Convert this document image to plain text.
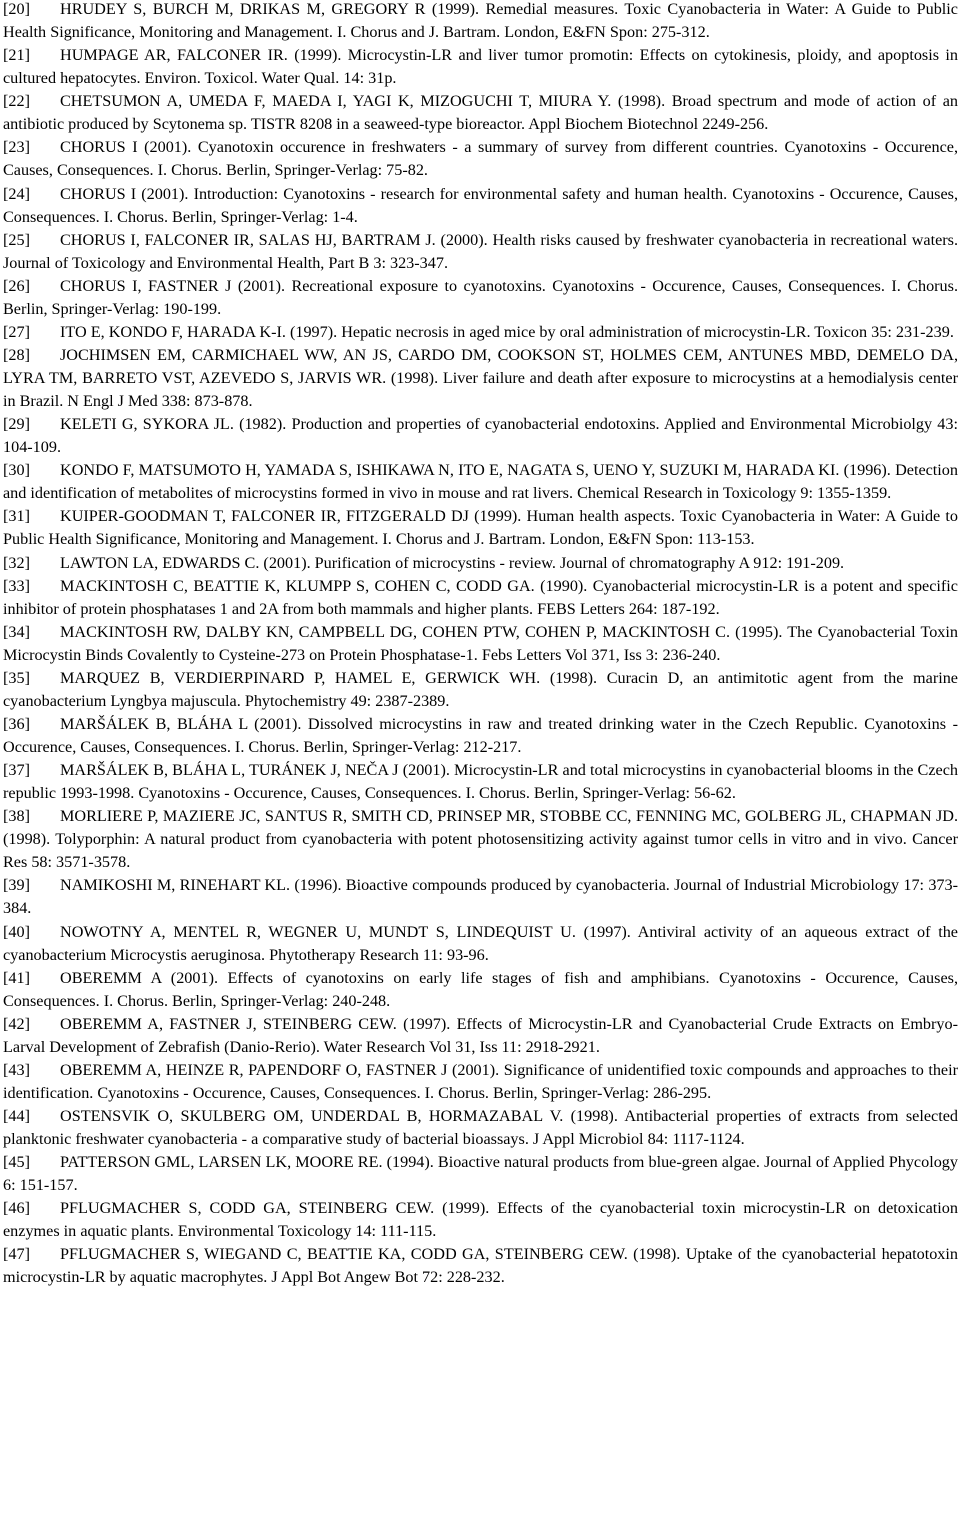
[20] HRUDEY S, BURCH M, DRIKAS M, GREGORY R (1999). Remedial measures. Toxic Cyanobacteria in Water: A Guide to Public Health Significance, Monitoring and Management. I. Chorus and J. Bartram. London, E&FN Spon: 275-312.

[21] HUMPAGE AR, FALCONER IR. (1999). Microcystin-LR and liver tumor promotin: Effects on cytokinesis, ploidy, and apoptosis in cultured hepatocytes. Environ. Toxicol. Water Qual. 14: 31p.

[22] CHETSUMON A, UMEDA F, MAEDA I, YAGI K, MIZOGUCHI T, MIURA Y. (1998). Broad spectrum and mode of action of an antibiotic produced by Scytonema sp. TISTR 8208 in a seaweed-type bioreactor. Appl Biochem Biotechnol 2249-256.

[23] CHORUS I (2001). Cyanotoxin occurence in freshwaters - a summary of survey from different countries. Cyanotoxins - Occurence, Causes, Consequences. I. Chorus. Berlin, Springer-Verlag: 75-82.

[24] CHORUS I (2001). Introduction: Cyanotoxins - research for environmental safety and human health. Cyanotoxins - Occurence, Causes, Consequences. I. Chorus. Berlin, Springer-Verlag: 1-4.

[25] CHORUS I, FALCONER IR, SALAS HJ, BARTRAM J. (2000). Health risks caused by freshwater cyanobacteria in recreational waters. Journal of Toxicology and Environmental Health, Part B 3: 323-347.

[26] CHORUS I, FASTNER J (2001). Recreational exposure to cyanotoxins. Cyanotoxins - Occurence, Causes, Consequences. I. Chorus. Berlin, Springer-Verlag: 190-199.

[27] ITO E, KONDO F, HARADA K-I. (1997). Hepatic necrosis in aged mice by oral administration of microcystin-LR. Toxicon 35: 231-239.

[28] JOCHIMSEN EM, CARMICHAEL WW, AN JS, CARDO DM, COOKSON ST, HOLMES CEM, ANTUNES MBD, DEMELO DA, LYRA TM, BARRETO VST, AZEVEDO S, JARVIS WR. (1998). Liver failure and death after exposure to microcystins at a hemodialysis center in Brazil. N Engl J Med 338: 873-878.

[29] KELETI G, SYKORA JL. (1982). Production and properties of cyanobacterial endotoxins. Applied and Environmental Microbiolgy 43: 104-109.

[30] KONDO F, MATSUMOTO H, YAMADA S, ISHIKAWA N, ITO E, NAGATA S, UENO Y, SUZUKI M, HARADA KI. (1996). Detection and identification of metabolites of microcystins formed in vivo in mouse and rat livers. Chemical Research in Toxicology 9: 1355-1359.

[31] KUIPER-GOODMAN T, FALCONER IR, FITZGERALD DJ (1999). Human health aspects. Toxic Cyanobacteria in Water: A Guide to Public Health Significance, Monitoring and Management. I. Chorus and J. Bartram. London, E&FN Spon: 113-153.

[32] LAWTON LA, EDWARDS C. (2001). Purification of microcystins - review. Journal of chromatography A 912: 191-209.

[33] MACKINTOSH C, BEATTIE K, KLUMPP S, COHEN C, CODD GA. (1990). Cyanobacterial microcystin-LR is a potent and specific inhibitor of protein phosphatases 1 and 2A from both mammals and higher plants. FEBS Letters 264: 187-192.

[34] MACKINTOSH RW, DALBY KN, CAMPBELL DG, COHEN PTW, COHEN P, MACKINTOSH C. (1995). The Cyanobacterial Toxin Microcystin Binds Covalently to Cysteine-273 on Protein Phosphatase-1. Febs Letters Vol 371, Iss 3: 236-240.

[35] MARQUEZ B, VERDIERPINARD P, HAMEL E, GERWICK WH. (1998). Curacin D, an antimitotic agent from the marine cyanobacterium Lyngbya majuscula. Phytochemistry 49: 2387-2389.

[36] MARŠÁLEK B, BLÁHA L (2001). Dissolved microcystins in raw and treated drinking water in the Czech Republic. Cyanotoxins - Occurence, Causes, Consequences. I. Chorus. Berlin, Springer-Verlag: 212-217.

[37] MARŠÁLEK B, BLÁHA L, TURÁNEK J, NEČA J (2001). Microcystin-LR and total microcystins in cyanobacterial blooms in the Czech republic 1993-1998. Cyanotoxins - Occurence, Causes, Consequences. I. Chorus. Berlin, Springer-Verlag: 56-62.

[38] MORLIERE P, MAZIERE JC, SANTUS R, SMITH CD, PRINSEP MR, STOBBE CC, FENNING MC, GOLBERG JL, CHAPMAN JD. (1998). Tolyporphin: A natural product from cyanobacteria with potent photosensitizing activity against tumor cells in vitro and in vivo. Cancer Res 58: 3571-3578.

[39] NAMIKOSHI M, RINEHART KL. (1996). Bioactive compounds produced by cyanobacteria. Journal of Industrial Microbiology 17: 373-384.

[40] NOWOTNY A, MENTEL R, WEGNER U, MUNDT S, LINDEQUIST U. (1997). Antiviral activity of an aqueous extract of the cyanobacterium Microcystis aeruginosa. Phytotherapy Research 11: 93-96.

[41] OBEREMM A (2001). Effects of cyanotoxins on early life stages of fish and amphibians. Cyanotoxins - Occurence, Causes, Consequences. I. Chorus. Berlin, Springer-Verlag: 240-248.

[42] OBEREMM A, FASTNER J, STEINBERG CEW. (1997). Effects of Microcystin-LR and Cyanobacterial Crude Extracts on Embryo-Larval Development of Zebrafish (Danio-Rerio). Water Research Vol 31, Iss 11: 2918-2921.

[43] OBEREMM A, HEINZE R, PAPENDORF O, FASTNER J (2001). Significance of unidentified toxic compounds and approaches to their identification. Cyanotoxins - Occurence, Causes, Consequences. I. Chorus. Berlin, Springer-Verlag: 286-295.

[44] OSTENSVIK O, SKULBERG OM, UNDERDAL B, HORMAZABAL V. (1998). Antibacterial properties of extracts from selected planktonic freshwater cyanobacteria - a comparative study of bacterial bioassays. J Appl Microbiol 84: 1117-1124.

[45] PATTERSON GML, LARSEN LK, MOORE RE. (1994). Bioactive natural products from blue-green algae. Journal of Applied Phycology 6: 151-157.

[46] PFLUGMACHER S, CODD GA, STEINBERG CEW. (1999). Effects of the cyanobacterial toxin microcystin-LR on detoxication enzymes in aquatic plants. Environmental Toxicology 14: 111-115.

[47] PFLUGMACHER S, WIEGAND C, BEATTIE KA, CODD GA, STEINBERG CEW. (1998). Uptake of the cyanobacterial hepatotoxin microcystin-LR by aquatic macrophytes. J Appl Bot Angew Bot 72: 228-232.
